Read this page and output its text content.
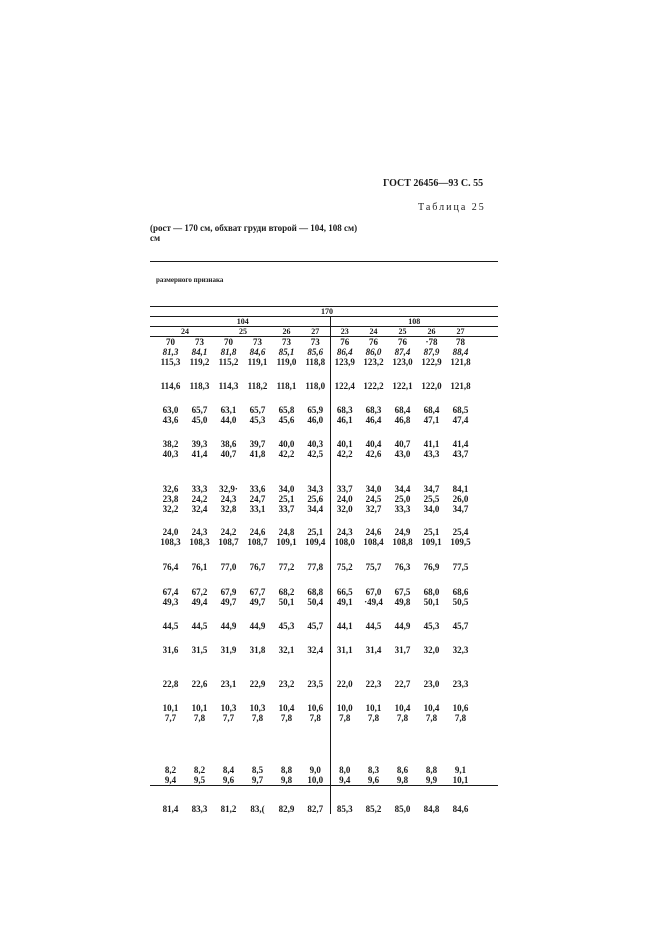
ГОСТ 26456—93 С. 55
Таблица 25
(рост — 170 см, обхват груди второй — 104, 108 см)
см
размерного признака
	170											
	104						108					
	24		25		26	27	23	24	25	26	27	
	70	73	70	73	73	73	76	76	76	·78	78	
	81,3	84,1	81,8	84,6	85,1	85,6	86,4	86,0	87,4	87,9	88,4	
	115,3	119,2	115,2	119,1	119,0	118,8	123,9	123,2	123,0	122,9	121,8	
	114,6	118,3	114,3	118,2	118,1	118,0	122,4	122,2	122,1	122,0	121,8	
	63,0	65,7	63,1	65,7	65,8	65,9	68,3	68,3	68,4	68,4	68,5	
	43,6	45,0	44,0	45,3	45,6	46,0	46,1	46,4	46,8	47,1	47,4	
	38,2	39,3	38,6	39,7	40,0	40,3	40,1	40,4	40,7	41,1	41,4	
	40,3	41,4	40,7	41,8	42,2	42,5	42,2	42,6	43,0	43,3	43,7	
	32,6	33,3	32,9·	33,6	34,0	34,3	33,7	34,0	34,4	34,7	84,1	
	23,8	24,2	24,3	24,7	25,1	25,6	24,0	24,5	25,0	25,5	26,0	
	32,2	32,4	32,8	33,1	33,7	34,4	32,0	32,7	33,3	34,0	34,7	
	24,0	24,3	24,2	24,6	24,8	25,1	24,3	24,6	24,9	25,1	25,4	
	108,3	108,3	108,7	108,7	109,1	109,4	108,0	108,4	108,8	109,1	109,5	
	76,4	76,1	77,0	76,7	77,2	77,8	75,2	75,7	76,3	76,9	77,5	
	67,4	67,2	67,9	67,7	68,2	68,8	66,5	67,0	67,5	68,0	68,6	
	49,3	49,4	49,7	49,7	50,1	50,4	49,1	·49,4	49,8	50,1	50,5	
	44,5	44,5	44,9	44,9	45,3	45,7	44,1	44,5	44,9	45,3	45,7	
	31,6	31,5	31,9	31,8	32,1	32,4	31,1	31,4	31,7	32,0	32,3	
	22,8	22,6	23,1	22,9	23,2	23,5	22,0	22,3	22,7	23,0	23,3	
	10,1	10,1	10,3	10,3	10,4	10,6	10,0	10,1	10,4	10,4	10,6	
	7,7	7,8	7,7	7,8	7,8	7,8	7,8	7,8	7,8	7,8	7,8	
	8,2	8,2	8,4	8,5	8,8	9,0	8,0	8,3	8,6	8,8	9,1	
	9,4	9,5	9,6	9,7	9,8	10,0	9,4	9,6	9,8	9,9	10,1	
	81,4	83,3	81,2	83,(	82,9	82,7	85,3	85,2	85,0	84,8	84,6	
